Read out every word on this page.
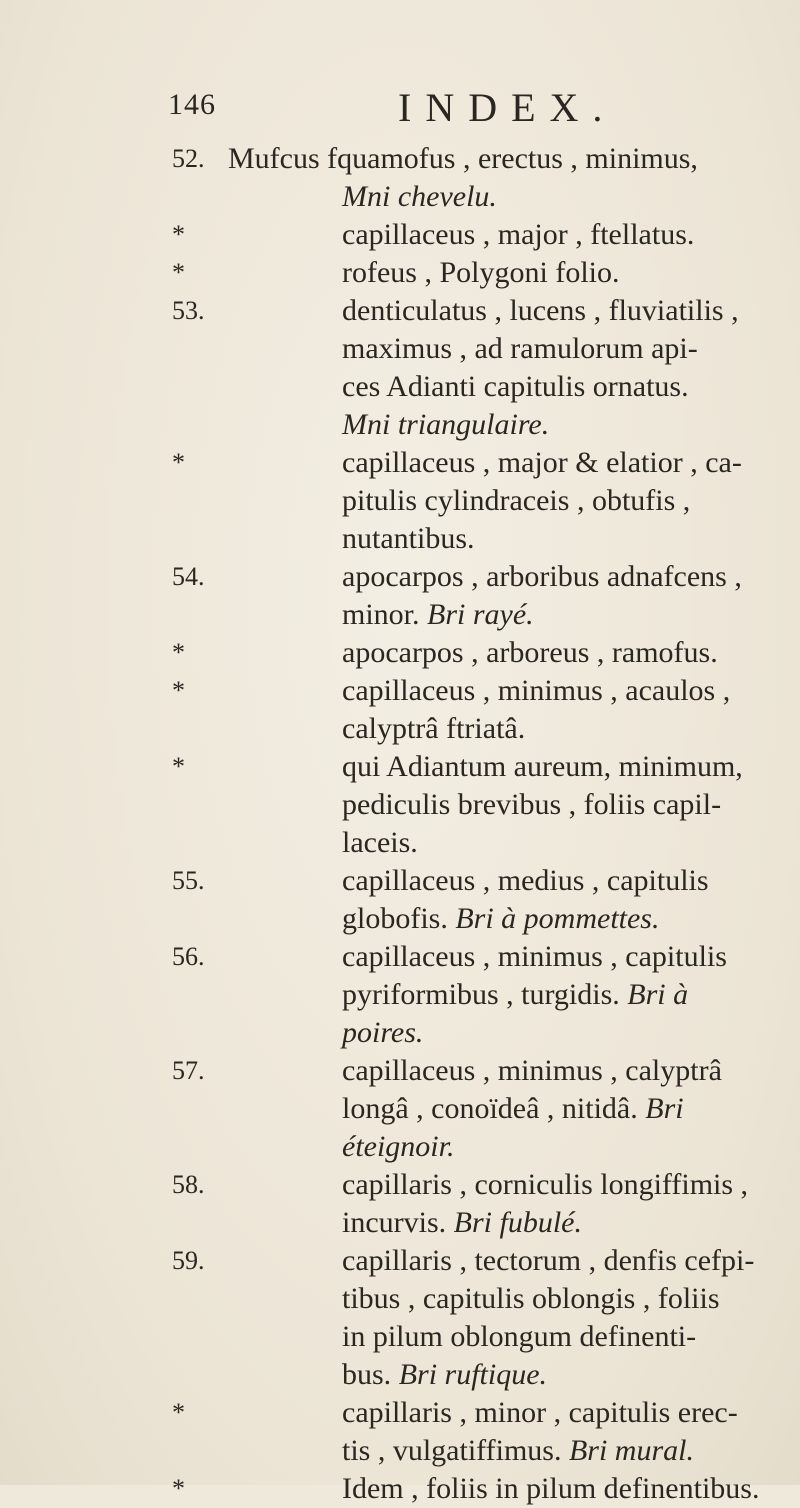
146	INDEX.
52. Mufcus fquamofus , erectus , minimus,
Mni chevelu.
*	capillaceus , major , ftellatus.
*	rofeus , Polygoni folio.
53.	denticulatus , lucens , fluviatilis ,
maximus , ad ramulorum api-
ces Adianti capitulis ornatus.
Mni triangulaire.
*	capillaceus , major & elatior , ca-
pitulis cylindraceis , obtufis ,
nutantibus.
54.	apocarpos , arboribus adnafcens ,
minor. Bri rayé.
*	apocarpos , arboreus , ramofus.
*	capillaceus , minimus , acaulos ,
calyptrâ ftriatâ.
*	qui Adiantum aureum, minimum,
pediculis brevibus , foliis capil-
laceis.
55.	capillaceus , medius , capitulis
globofis. Bri à pommettes.
56.	capillaceus , minimus , capitulis
pyriformibus , turgidis. Bri à
poires.
57.	capillaceus , minimus , calyptrâ
longâ , conoïdeâ , nitidâ. Bri
éteignoir.
58.	capillaris , corniculis longiffimis ,
incurvis. Bri fubulé.
59.	capillaris , tectorum , denfis cefpi-
tibus , capitulis oblongis , foliis
in pilum oblongum definenti-
bus. Bri ruftique.
*	capillaris , minor , capitulis erec-
tis , vulgatiffimus. Bri mural.
*	Idem , foliis in pilum definentibus.
